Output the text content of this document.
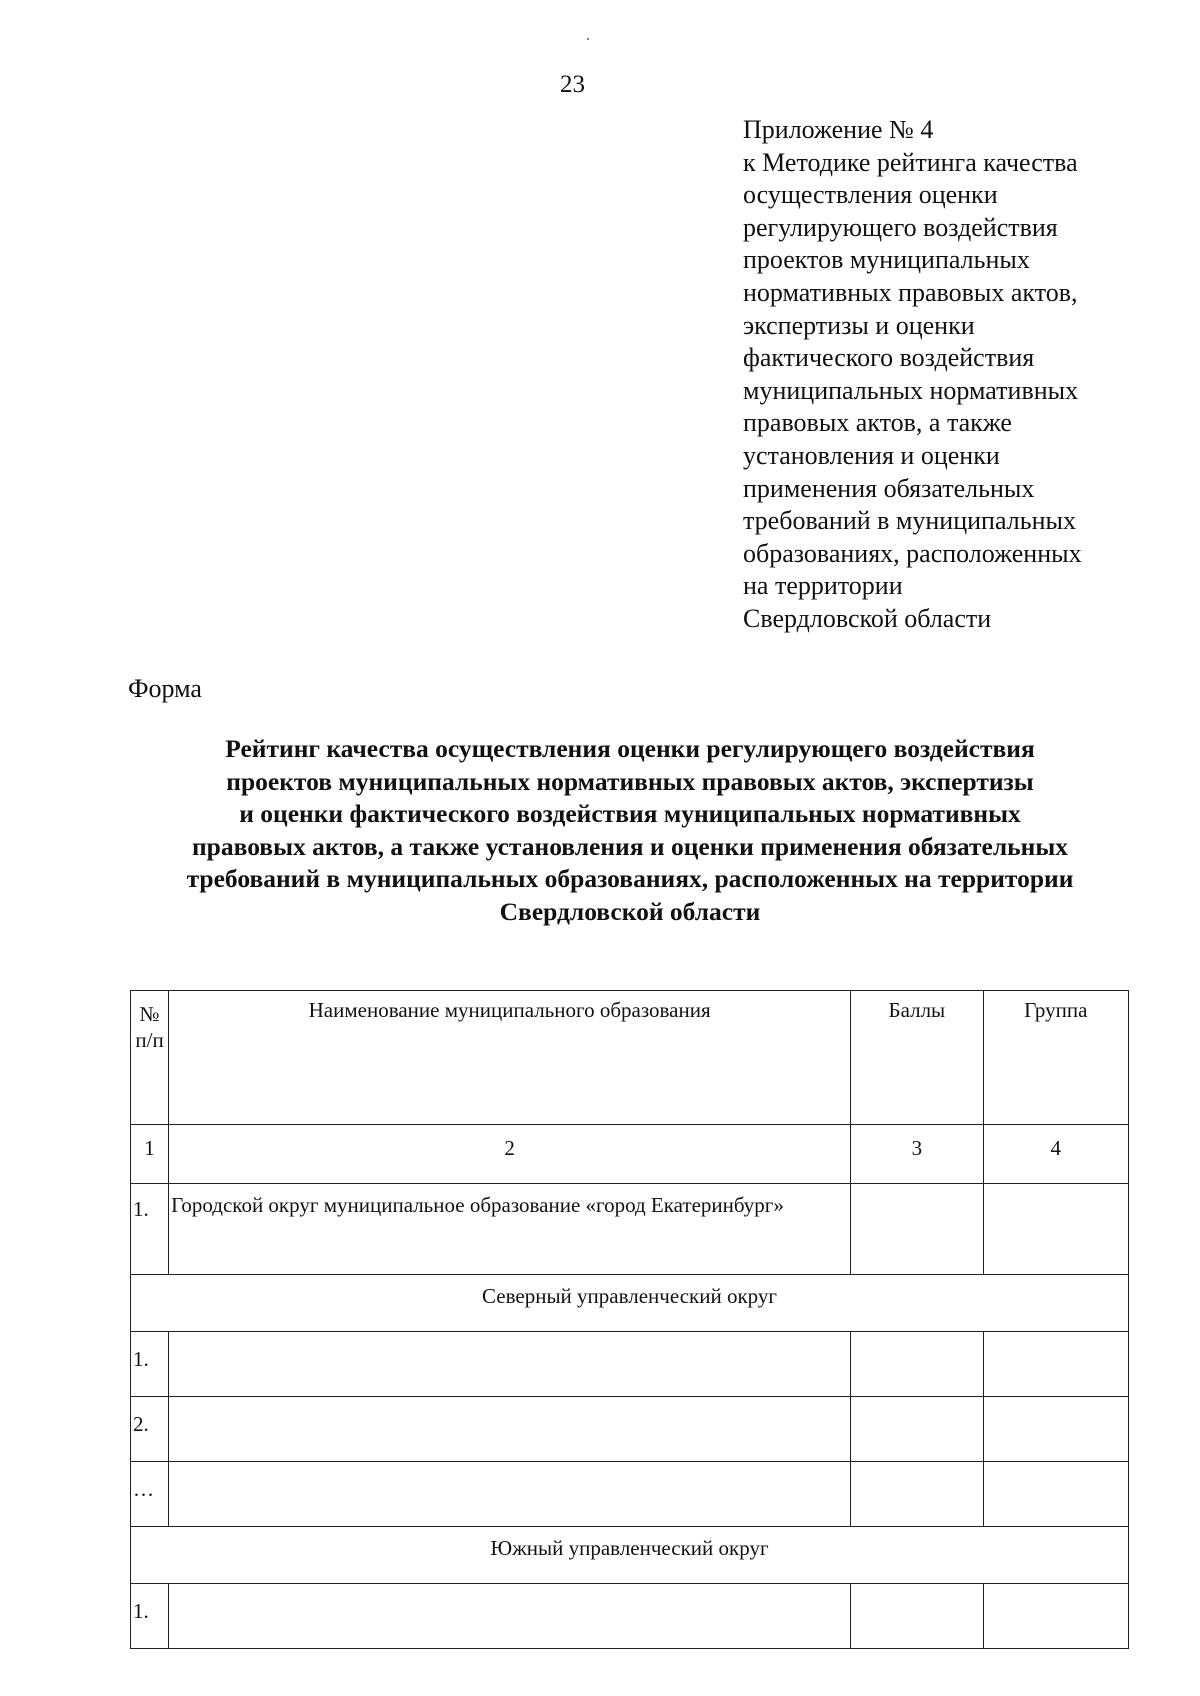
23
Приложение № 4
к Методике рейтинга качества
осуществления оценки
регулирующего воздействия
проектов муниципальных
нормативных правовых актов,
экспертизы и оценки
фактического воздействия
муниципальных нормативных
правовых актов, а также
установления и оценки
применения обязательных
требований в муниципальных
образованиях, расположенных
на территории
Свердловской области
Форма
Рейтинг качества осуществления оценки регулирующего воздействия
проектов муниципальных нормативных правовых актов, экспертизы
и оценки фактического воздействия муниципальных нормативных
правовых актов, а также установления и оценки применения обязательных
требований в муниципальных образованиях, расположенных на территории
Свердловской области
№ п/п	Наименование муниципального образования	Баллы	Группа
1	2	3	4
1.	Городской округ муниципальное образование «город Екатеринбург»		
Северный управленческий округ			
1.			
2.			
…			
Южный управленческий округ			
1.			
